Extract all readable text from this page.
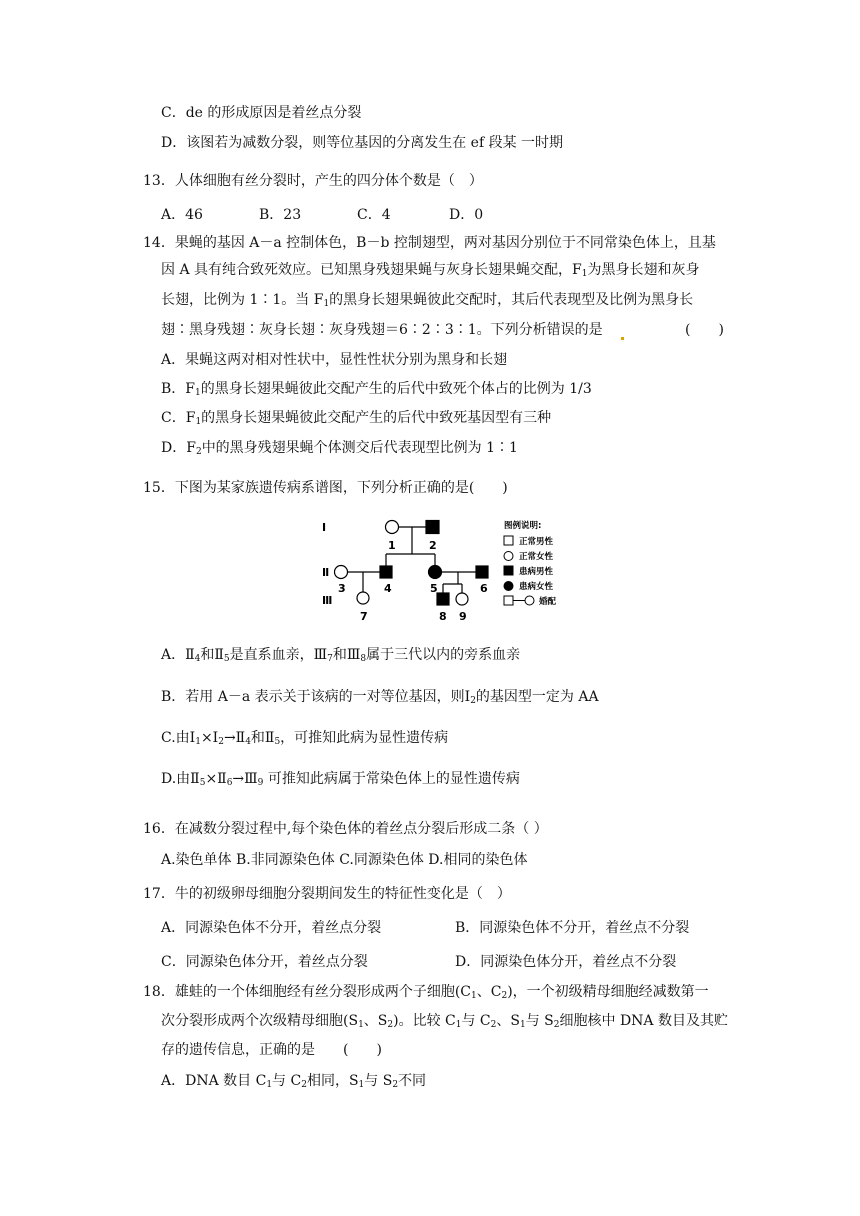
C．de 的形成原因是着丝点分裂
D．该图若为减数分裂，则等位基因的分离发生在 ef 段某 一时期
13．人体细胞有丝分裂时，产生的四分体个数是（　）
A．46	B．23	C．4	D．0
14．果蝇的基因 A－a 控制体色，B－b 控制翅型，两对基因分别位于不同常染色体上，且基
因 A 具有纯合致死效应。已知黑身残翅果蝇与灰身长翅果蝇交配，$F_1$为黑身长翅和灰身
长翅，比例为 1∶1。当 $F_1$的黑身长翅果蝇彼此交配时，其后代表现型及比例为黑身长
翅∶黑身残翅∶灰身长翅∶灰身残翅＝6∶2∶3∶1。下列分析错误的是	(　　)
A．果蝇这两对相对性状中，显性性状分别为黑身和长翅
B．$F_1$的黑身长翅果蝇彼此交配产生的后代中致死个体占的比例为 1/3
C．$F_1$的黑身长翅果蝇彼此交配产生的后代中致死基因型有三种
D．$F_2$中的黑身残翅果蝇个体测交后代表现型比例为 1∶1
15．下图为某家族遗传病系谱图，下列分析正确的是(　　)
Ⅰ
Ⅱ
Ⅲ
1	2
3	4	5	6
7	8 9
图例说明:
正常男性
正常女性
患病男性
患病女性
婚配
A．$Ⅱ_4$和$Ⅱ_5$是直系血亲，$Ⅲ_7$和$Ⅲ_8$属于三代以内的旁系血亲
B．若用 A－a 表示关于该病的一对等位基因，则$Ⅰ_2$的基因型一定为 AA
C.由$Ⅰ_1\times Ⅰ_2\to Ⅱ_4$和$Ⅱ_5$，可推知此病为显性遗传病
D.由$Ⅱ_5\times Ⅱ_6\to Ⅲ_9$ 可推知此病属于常染色体上的显性遗传病
16．在减数分裂过程中,每个染色体的着丝点分裂后形成二条（ ）
A.染色单体 B.非同源染色体 C.同源染色体 D.相同的染色体
17．牛的初级卵母细胞分裂期间发生的特征性变化是（　）
A．同源染色体不分开，着丝点分裂	B．同源染色体不分开，着丝点不分裂
C．同源染色体分开，着丝点分裂	D．同源染色体分开，着丝点不分裂
18．雄蛙的一个体细胞经有丝分裂形成两个子细胞($C_1$、$C_2$)，一个初级精母细胞经减数第一
次分裂形成两个次级精母细胞($S_1$、$S_2$)。比较 $C_1$与 $C_2$、$S_1$与 $S_2$细胞核中 DNA 数目及其贮
存的遗传信息，正确的是　　(　　)
A．DNA 数目 $C_1$与 $C_2$相同，$S_1$与 $S_2$不同
